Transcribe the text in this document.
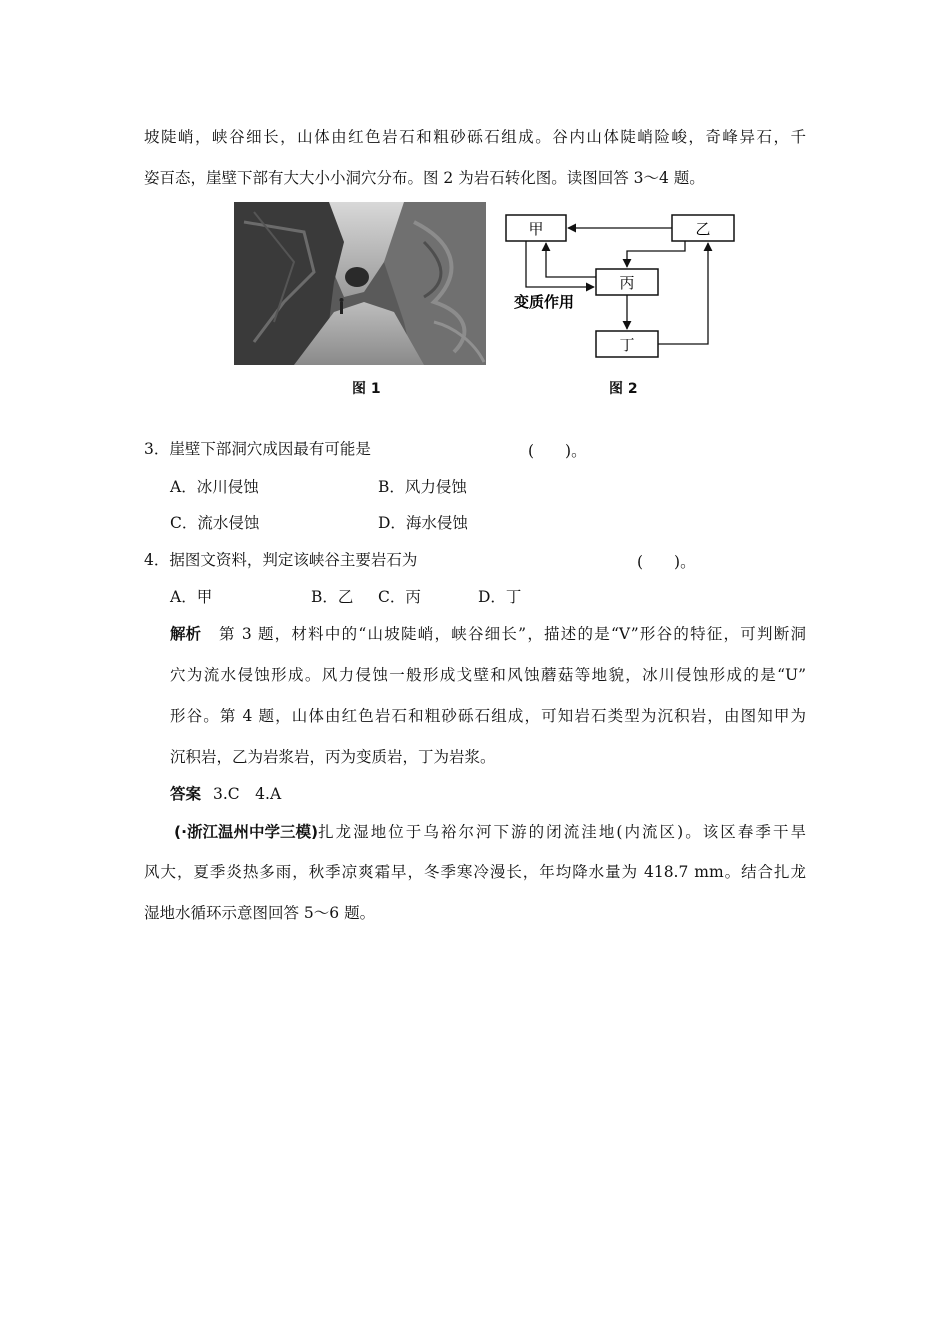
坡陡峭，峡谷细长，山体由红色岩石和粗砂砾石组成。谷内山体陡峭险峻，奇峰异石，千
姿百态，崖壁下部有大大小小洞穴分布。图 2 为岩石转化图。读图回答 3～4 题。
图 1
甲	乙
丙
丁
变质作用
图 2
3．崖壁下部洞穴成因最有可能是	(　　)。
A．冰川侵蚀	B．风力侵蚀
C．流水侵蚀	D．海水侵蚀
4．据图文资料，判定该峡谷主要岩石为	(　　)。
A．甲	B．乙 C．丙	D．丁
解析 第 3 题，材料中的“山坡陡峭，峡谷细长”，描述的是“V”形谷的特征，可判断洞
穴为流水侵蚀形成。风力侵蚀一般形成戈壁和风蚀蘑菇等地貌，冰川侵蚀形成的是“U”
形谷。第 4 题，山体由红色岩石和粗砂砾石组成，可知岩石类型为沉积岩，由图知甲为
沉积岩，乙为岩浆岩，丙为变质岩，丁为岩浆。
答案 3.C　4.A
(·浙江温州中学三模) 扎龙湿地位于乌裕尔河下游的闭流洼地(内流区)。该区春季干旱
风大，夏季炎热多雨，秋季凉爽霜早，冬季寒冷漫长，年均降水量为 418.7 mm。结合扎龙
湿地水循环示意图回答 5～6 题。
